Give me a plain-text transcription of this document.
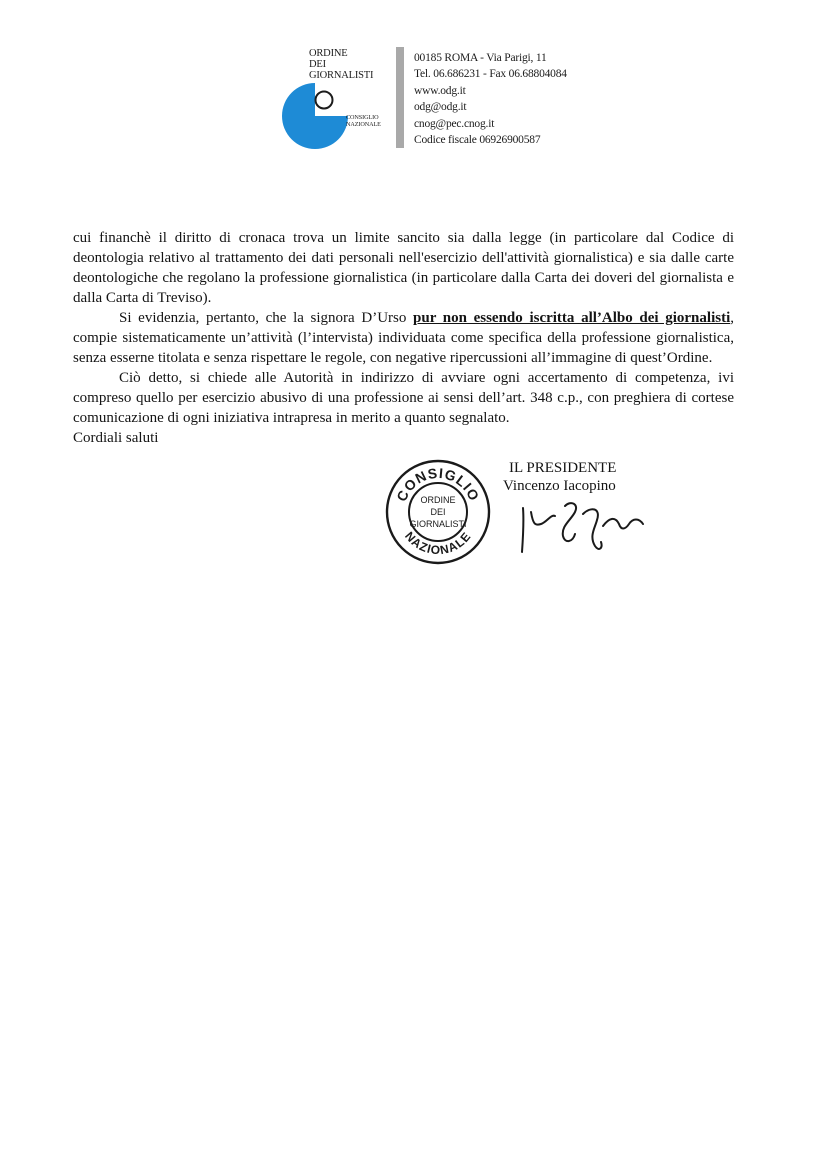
ORDINE
DEI
GIORNALISTI
CONSIGLIO
NAZIONALE
00185 ROMA - Via Parigi, 11
Tel. 06.686231 - Fax 06.68804084
www.odg.it
odg@odg.it
cnog@pec.cnog.it
Codice fiscale 06926900587

cui financhè il diritto di cronaca trova un limite sancito sia dalla legge (in particolare dal Codice di deontologia relativo al trattamento dei dati personali nell'esercizio dell'attività giornalistica) e sia dalle carte deontologiche che regolano la professione giornalistica (in particolare dalla Carta dei doveri del giornalista e dalla Carta di Treviso).

Si evidenzia, pertanto, che la signora D’Urso pur non essendo iscritta all’Albo dei giornalisti, compie sistematicamente un’attività (l’intervista) individuata come specifica della professione giornalistica, senza esserne titolata e senza rispettare le regole, con negative ripercussioni all’immagine di quest’Ordine.

Ciò detto, si chiede alle Autorità in indirizzo di avviare ogni accertamento di competenza, ivi compreso quello per esercizio abusivo di una professione ai sensi dell’art. 348 c.p., con preghiera di cortese comunicazione di ogni iniziativa intrapresa in merito a quanto segnalato.

Cordiali saluti

CONSIGLIO
NAZIONALE
ORDINE
DEI
GIORNALISTI
IL PRESIDENTE
Vincenzo Iacopino
